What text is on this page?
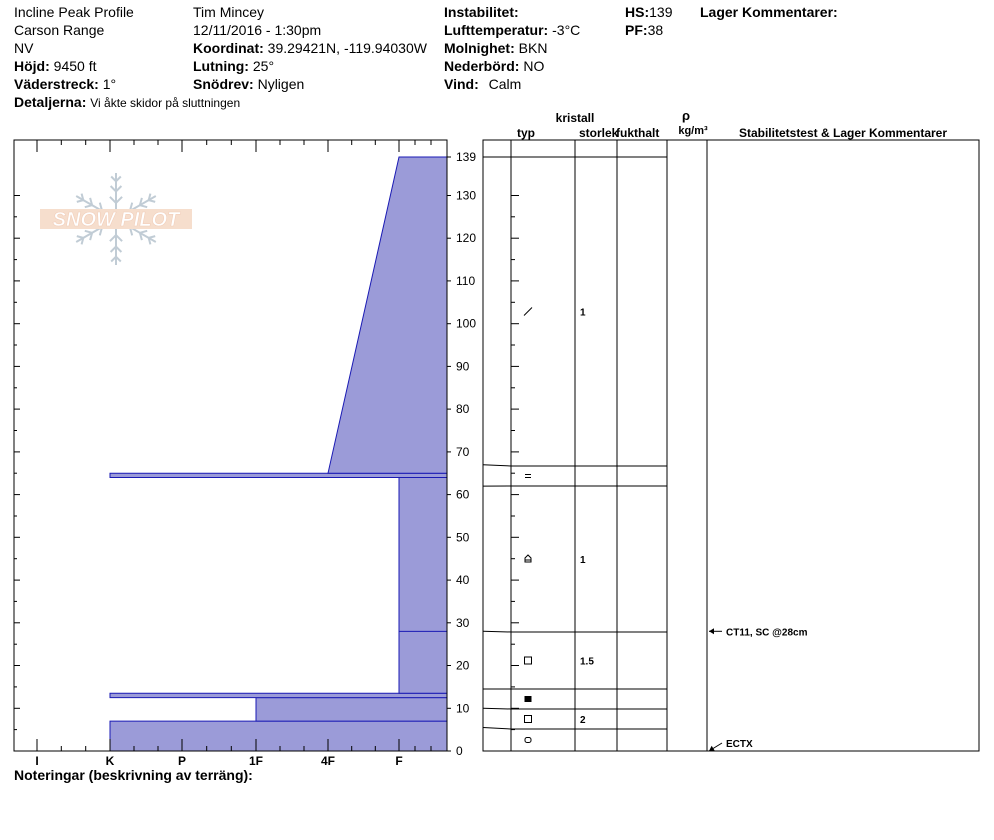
Incline Peak Profile
Carson Range
NV
Höjd: 9450 ft
Väderstreck: 1°
Detaljerna: Vi åkte skidor på sluttningen
Tim Mincey
12/11/2016 - 1:30pm
Koordinat: 39.29421N, -119.94030W
Lutning: 25°
Snödrev: Nyligen
Instabilitet:
Lufttemperatur: -3°C
Molnighet: BKN
Nederbörd: NO
Vind: Calm
HS:139
PF:38
Lager Kommentarer:
Noteringar (beskrivning av terräng):
SNOW PILOT
I	K	P	1F	4F	F
0
10
20
30
40
50
60
70
80
90
100
110
120
130
139
2
1.5
1
1
CT11, SC @28cm
ECTX
kristall
typ	storlek
fukthalt
ρ
kg/m³	Stabilitetstest & Lager Kommentarer
